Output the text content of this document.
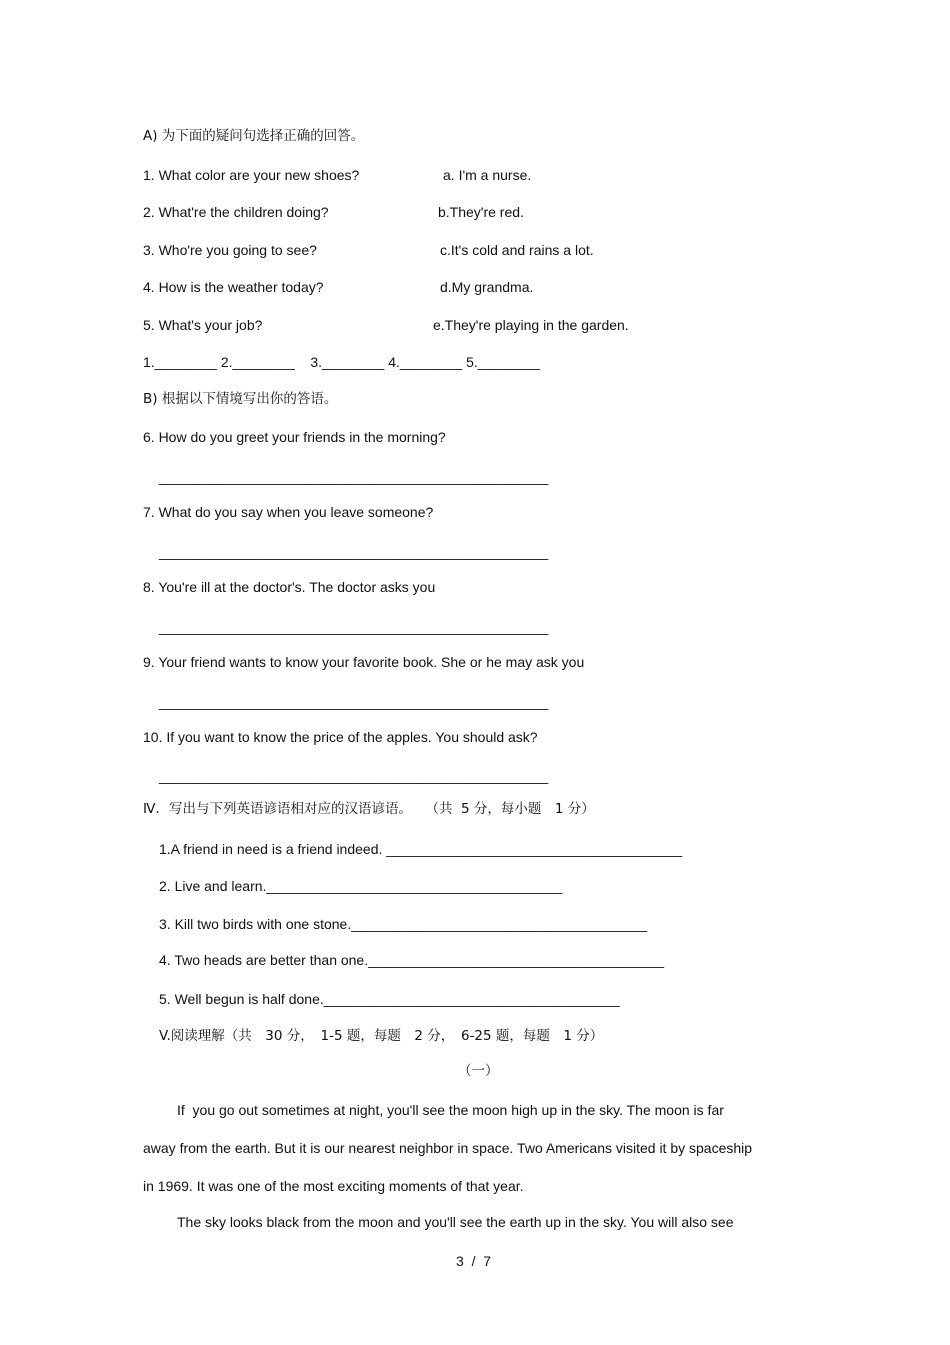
A) 为下面的疑问句选择正确的回答。
1. What color are your new shoes?
2. What're the children doing?
3. Who're you going to see?
4. How is the weather today?
5. What's your job?
a. I'm a nurse.
b.They're red.
c.It's cold and rains a lot.
d.My grandma.
e.They're playing in the garden.
1.________ 2.________    3.________ 4.________ 5.________
B) 根据以下情境写出你的答语。
6. How do you greet your friends in the morning?
__________________________________________________
7. What do you say when you leave someone?
__________________________________________________
8. You're ill at the doctor's. The doctor asks you
__________________________________________________
9. Your friend wants to know your favorite book. She or he may ask you
__________________________________________________
10. If you want to know the price of the apples. You should ask?
__________________________________________________
Ⅳ．写出与下列英语谚语相对应的汉语谚语。　　（共  5 分，每小题　1 分）
1.A friend in need is a friend indeed. ______________________________________
2. Live and learn.______________________________________
3. Kill two birds with one stone.______________________________________
4. Two heads are better than one.______________________________________
5. Well begun is half done.______________________________________
V.阅读理解（共　30 分，　1-5 题，每题　2 分，　6-25 题，每题　1 分）
（一）
If  you go out sometimes at night, you'll see the moon high up in the sky. The moon is far
away from the earth. But it is our nearest neighbor in space. Two Americans visited it by spaceship
in 1969. It was one of the most exciting moments of that year.
The sky looks black from the moon and you'll see the earth up in the sky. You will also see
3  /  7
